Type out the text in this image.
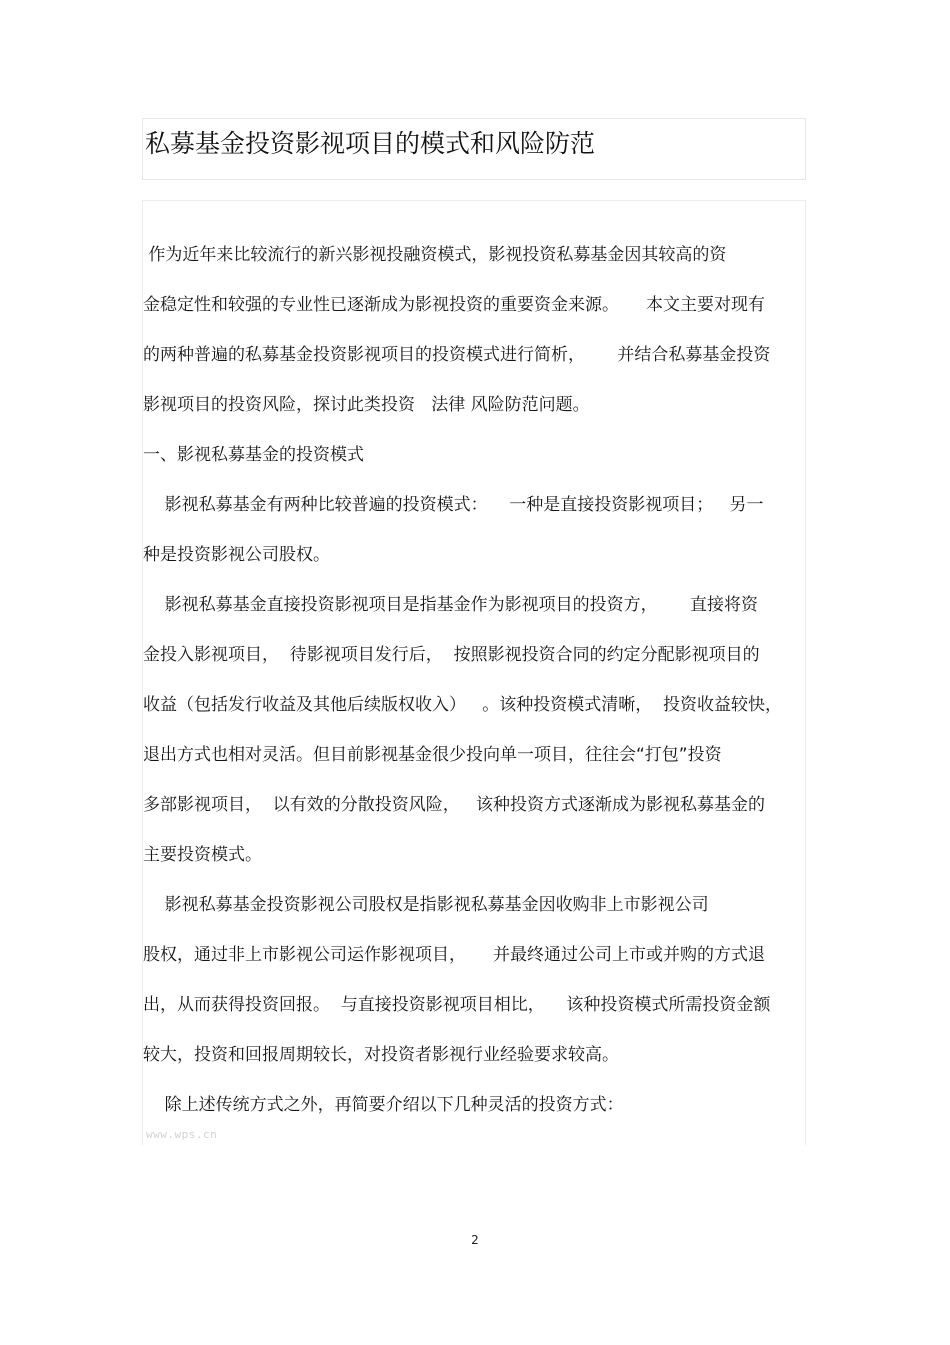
私募基金投资影视项目的模式和风险防范
作为近年来比较流行的新兴影视投融资模式，影视投资私募基金因其较高的资
金稳定性和较强的专业性已逐渐成为影视投资的重要资金来源。     本文主要对现有
的两种普遍的私募基金投资影视项目的投资模式进行简析，      并结合私募基金投资
影视项目的投资风险，探讨此类投资   法律 风险防范问题。
一、影视私募基金的投资模式
影视私募基金有两种比较普遍的投资模式：    一种是直接投资影视项目；   另一
种是投资影视公司股权。
影视私募基金直接投资影视项目是指基金作为影视项目的投资方，      直接将资
金投入影视项目，  待影视项目发行后，  按照影视投资合同的约定分配影视项目的
收益（包括发行收益及其他后续版权收入）   。该种投资模式清晰，  投资收益较快，
退出方式也相对灵活。但目前影视基金很少投向单一项目，往往会“打包”投资
多部影视项目，  以有效的分散投资风险，   该种投资方式逐渐成为影视私募基金的
主要投资模式。
影视私募基金投资影视公司股权是指影视私募基金因收购非上市影视公司
股权，通过非上市影视公司运作影视项目，     并最终通过公司上市或并购的方式退
出，从而获得投资回报。  与直接投资影视项目相比，    该种投资模式所需投资金额
较大，投资和回报周期较长，对投资者影视行业经验要求较高。
除上述传统方式之外，再简要介绍以下几种灵活的投资方式：
www.wps.cn
2
